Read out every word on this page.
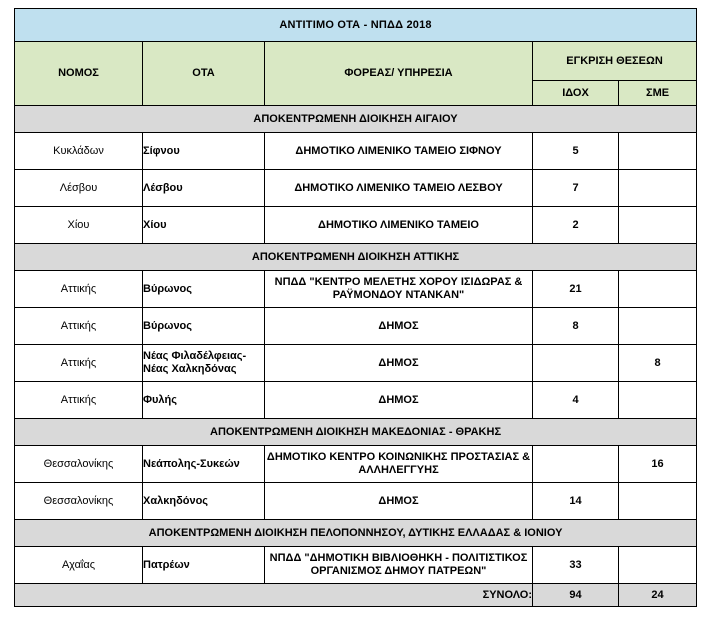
ΑΝΤΙΤΙΜΟ ΟΤΑ - ΝΠΔΔ 2018				
ΝΟΜΟΣ	ΟΤΑ	ΦΟΡΕΑΣ/ ΥΠΗΡΕΣΙΑ	ΕΓΚΡΙΣΗ ΘΕΣΕΩΝ	
			ΙΔΟΧ	ΣΜΕ
ΑΠΟΚΕΝΤΡΩΜΕΝΗ ΔΙΟΙΚΗΣΗ ΑΙΓΑΙΟΥ				
Κυκλάδων	Σίφνου	ΔΗΜΟΤΙΚΟ ΛΙΜΕΝΙΚΟ ΤΑΜΕΙΟ ΣΙΦΝΟΥ	5	
Λέσβου	Λέσβου	ΔΗΜΟΤΙΚΟ ΛΙΜΕΝΙΚΟ ΤΑΜΕΙΟ ΛΕΣΒΟΥ	7	
Χίου	Χίου	ΔΗΜΟΤΙΚΟ ΛΙΜΕΝΙΚΟ ΤΑΜΕΙΟ	2	
ΑΠΟΚΕΝΤΡΩΜΕΝΗ ΔΙΟΙΚΗΣΗ ΑΤΤΙΚΗΣ				
Αττικής	Βύρωνος	ΝΠΔΔ "ΚΕΝΤΡΟ ΜΕΛΕΤΗΣ ΧΟΡΟΥ ΙΣΙΔΩΡΑΣ & ΡΑΫΜΟΝΔΟΥ ΝΤΑΝΚΑΝ"	21	
Αττικής	Βύρωνος	ΔΗΜΟΣ	8	
Αττικής	Νέας Φιλαδέλφειας- Νέας Χαλκηδόνας	ΔΗΜΟΣ		8
Αττικής	Φυλής	ΔΗΜΟΣ	4	
ΑΠΟΚΕΝΤΡΩΜΕΝΗ ΔΙΟΙΚΗΣΗ ΜΑΚΕΔΟΝΙΑΣ - ΘΡΑΚΗΣ				
Θεσσαλονίκης	Νεάπολης-Συκεών	ΔΗΜΟΤΙΚΟ ΚΕΝΤΡΟ ΚΟΙΝΩΝΙΚΗΣ ΠΡΟΣΤΑΣΙΑΣ & ΑΛΛΗΛΕΓΓΥΗΣ		16
Θεσσαλονίκης	Χαλκηδόνος	ΔΗΜΟΣ	14	
ΑΠΟΚΕΝΤΡΩΜΕΝΗ ΔΙΟΙΚΗΣΗ ΠΕΛΟΠΟΝΝΗΣΟΥ, ΔΥΤΙΚΗΣ ΕΛΛΑΔΑΣ & ΙΟΝΙΟΥ				
Αχαΐας	Πατρέων	ΝΠΔΔ "ΔΗΜΟΤΙΚΗ ΒΙΒΛΙΟΘΗΚΗ - ΠΟΛΙΤΙΣΤΙΚΟΣ ΟΡΓΑΝΙΣΜΟΣ ΔΗΜΟΥ ΠΑΤΡΕΩΝ"	33	
ΣΥΝΟΛΟ:			94	24
